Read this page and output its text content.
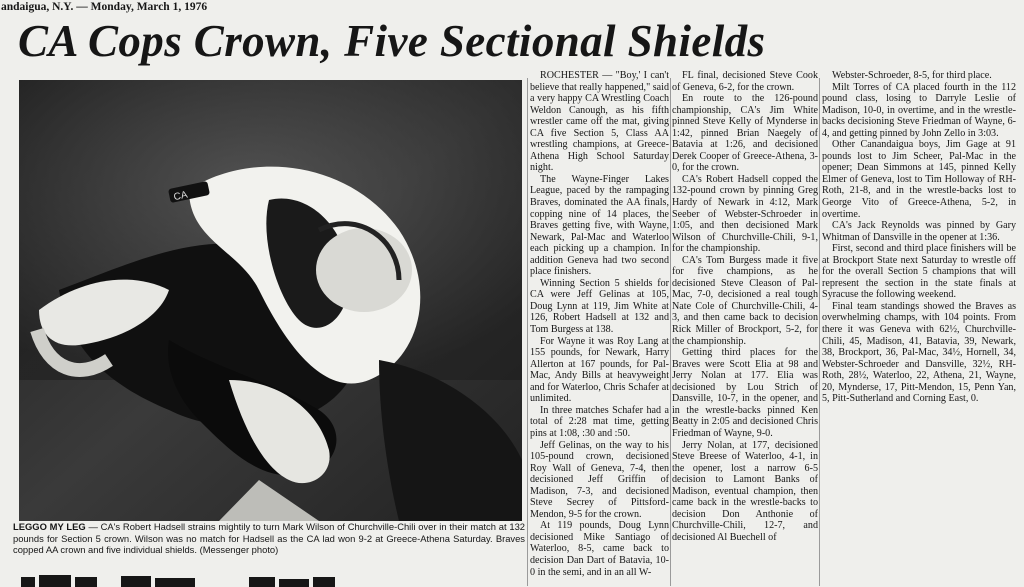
andaigua, N.Y. — Monday, March 1, 1976
CA Cops Crown, Five Sectional Shields
CA
LEGGO MY LEG — CA's Robert Hadsell strains mightily to turn Mark Wilson of Churchville-Chili over in their match at 132 pounds for Section 5 crown. Wilson was no match for Hadsell as the CA lad won 9-2 at Greece-Athena Saturday. Braves copped AA crown and five individual shields. (Messenger photo)

ROCHESTER — "Boy,' I can't believe that really happened," said a very happy CA Wrestling Coach Weldon Canough, as his fifth wrestler came off the mat, giving CA five Section 5, Class AA wrestling champions, at Greece-Athena High School Saturday night.

The Wayne-Finger Lakes League, paced by the rampaging Braves, dominated the AA finals, copping nine of 14 places, the Braves getting five, with Wayne, Newark, Pal-Mac and Waterloo each picking up a champion. In addition Geneva had two second place finishers.

Winning Section 5 shields for CA were Jeff Gelinas at 105, Doug Lynn at 119, Jim White at 126, Robert Hadsell at 132 and Tom Burgess at 138.

For Wayne it was Roy Lang at 155 pounds, for Newark, Harry Allerton at 167 pounds, for Pal-Mac, Andy Bills at heavyweight and for Waterloo, Chris Schafer at unlimited.

In three matches Schafer had a total of 2:28 mat time, getting pins at 1:08, :30 and :50.

Jeff Gelinas, on the way to his 105-pound crown, decisioned Roy Wall of Geneva, 7-4, then decisioned Jeff Griffin of Madison, 7-3, and decisioned Steve Secrey of Pittsford-Mendon, 9-5 for the crown.

At 119 pounds, Doug Lynn decisioned Mike Santiago of Waterloo, 8-5, came back to decision Dan Dart of Batavia, 10-0 in the semi, and in an all W-

FL final, decisioned Steve Cook of Geneva, 6-2, for the crown.

En route to the 126-pound championship, CA's Jim White pinned Steve Kelly of Mynderse in 1:42, pinned Brian Naegely of Batavia at 1:26, and decisioned Derek Cooper of Greece-Athena, 3-0, for the crown.

CA's Robert Hadsell copped the 132-pound crown by pinning Greg Hardy of Newark in 4:12, Mark Seeber of Webster-Schroeder in 1:05, and then decisioned Mark Wilson of Churchville-Chili, 9-1, for the championship.

CA's Tom Burgess made it five for five champions, as he decisioned Steve Cleason of Pal-Mac, 7-0, decisioned a real tough Nate Cole of Churchville-Chili, 4-3, and then came back to decision Rick Miller of Brockport, 5-2, for the championship.

Getting third places for the Braves were Scott Elia at 98 and Jerry Nolan at 177. Elia was decisioned by Lou Strich of Dansville, 10-7, in the opener, and in the wrestle-backs pinned Ken Beatty in 2:05 and decisioned Chris Friedman of Wayne, 9-0.

Jerry Nolan, at 177, decisioned Steve Breese of Waterloo, 4-1, in the opener, lost a narrow 6-5 decision to Lamont Banks of Madison, eventual champion, then came back in the wrestle-backs to decision Don Anthonie of Churchville-Chili, 12-7, and decisioned Al Buechell of

Webster-Schroeder, 8-5, for third place.

Milt Torres of CA placed fourth in the 112 pound class, losing to Darryle Leslie of Madison, 10-0, in overtime, and in the wrestle-backs decisioning Steve Friedman of Wayne, 6-4, and getting pinned by John Zello in 3:03.

Other Canandaigua boys, Jim Gage at 91 pounds lost to Jim Scheer, Pal-Mac in the opener; Dean Simmons at 145, pinned Kelly Elmer of Geneva, lost to Tim Holloway of RH-Roth, 21-8, and in the wrestle-backs lost to George Vito of Greece-Athena, 5-2, in overtime.

CA's Jack Reynolds was pinned by Gary Whitman of Dansville in the opener at 1:36.

First, second and third place finishers will be at Brockport State next Saturday to wrestle off for the overall Section 5 champions that will represent the section in the state finals at Syracuse the following weekend.

Final team standings showed the Braves as overwhelming champs, with 104 points. From there it was Geneva with 62½, Churchville-Chili, 45, Madison, 41, Batavia, 39, Newark, 38, Brockport, 36, Pal-Mac, 34½, Hornell, 34, Webster-Schroeder and Dansville, 32½, RH-Roth, 28½, Waterloo, 22, Athena, 21, Wayne, 20, Mynderse, 17, Pitt-Mendon, 15, Penn Yan, 5, Pitt-Sutherland and Corning East, 0.
